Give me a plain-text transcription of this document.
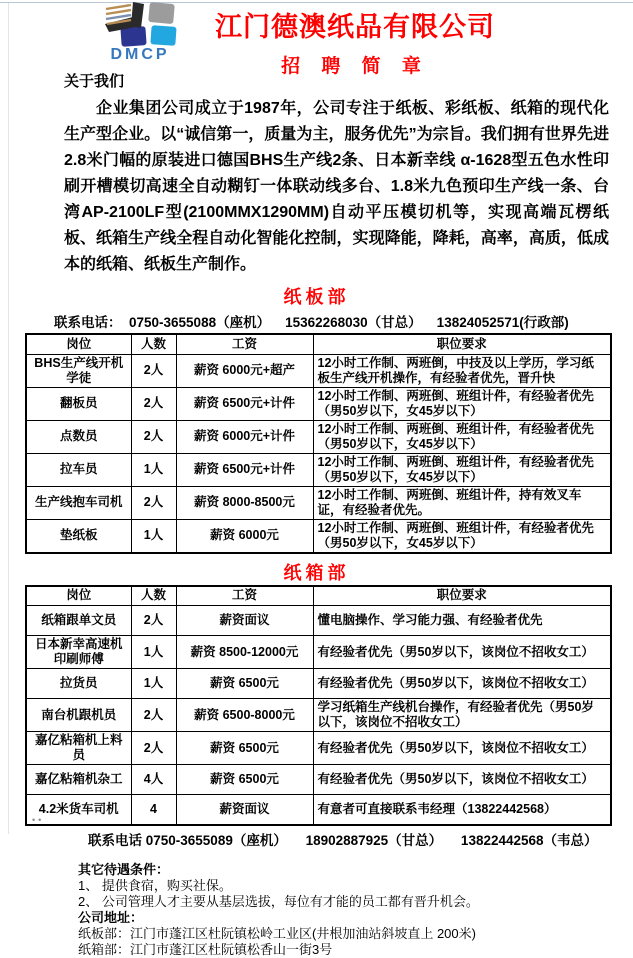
DMCP
江门德澳纸品有限公司
招 聘 简 章
关于我们
企业集团公司成立于1987年，公司专注于纸板、彩纸板、纸箱的现代化生产型企业。以“诚信第一，质量为主，服务优先”为宗旨。我们拥有世界先进2.8米门幅的原装进口德国BHS生产线2条、日本新幸线 α-1628型五色水性印刷开槽模切高速全自动糊钉一体联动线多台、1.8米九色预印生产线一条、台湾AP-2100LF型(2100MMX1290MM)自动平压模切机等，实现高端瓦楞纸板、纸箱生产线全程自动化智能化控制，实现降能，降耗，高率，高质，低成本的纸箱、纸板生产制作。
纸板部
联系电话：  0750-3655088（座机）    15362268030（甘总）    13824052571(行政部)
岗位	人数	工资	职位要求
BHS生产线开机学徒	2人	薪资 6000元+超产	12小时工作制、两班倒，中技及以上学历，学习纸板生产线开机操作，有经验者优先，晋升快
翻板员	2人	薪资 6500元+计件	12小时工作制、两班倒、班组计件，有经验者优先（男50岁以下，女45岁以下）
点数员	2人	薪资 6000元+计件	12小时工作制、两班倒、班组计件，有经验者优先（男50岁以下，女45岁以下）
拉车员	1人	薪资 6500元+计件	12小时工作制、两班倒、班组计件，有经验者优先（男50岁以下，女45岁以下）
生产线抱车司机	2人	薪资 8000-8500元	12小时工作制、两班倒、班组计件，持有效叉车证，有经验者优先。
垫纸板	1人	薪资 6000元	12小时工作制、两班倒、班组计件，有经验者优先（男50岁以下，女45岁以下）
纸箱部
岗位	人数	工资	职位要求
纸箱跟单文员	2人	薪资面议	懂电脑操作、学习能力强、有经验者优先
日本新幸高速机印刷师傅	1人	薪资 8500-12000元	有经验者优先（男50岁以下，该岗位不招收女工）
拉货员	1人	薪资 6500元	有经验者优先（男50岁以下，该岗位不招收女工）
南台机跟机员	2人	薪资 6500-8000元	学习纸箱生产线机台操作，有经验者优先（男50岁以下，该岗位不招收女工）
嘉亿粘箱机上料员	2人	薪资 6500元	有经验者优先（男50岁以下，该岗位不招收女工）
嘉亿粘箱机杂工	4人	薪资 6500元	有经验者优先（男50岁以下，该岗位不招收女工）
4.2米货车司机	4	薪资面议	有意者可直接联系韦经理（13822442568）
联系电话 0750-3655089（座机）     18902887925（甘总）     13822442568（韦总）
其它待遇条件：
1、 提供食宿，购买社保。
2、 公司管理人才主要从基层选拔，每位有才能的员工都有晋升机会。
公司地址：
纸板部：江门市蓬江区杜阮镇松岭工业区(井根加油站斜坡直上 200米)
纸箱部：江门市蓬江区杜阮镇松香山一街3号
••
